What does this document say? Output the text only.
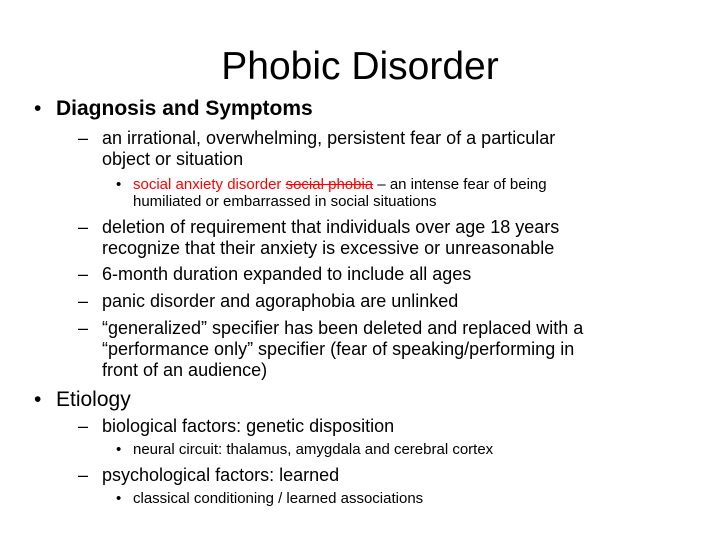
Phobic Disorder
• Diagnosis and Symptoms
– an irrational, overwhelming, persistent fear of a particular
object or situation
• social anxiety disorder social phobia – an intense fear of being
humiliated or embarrassed in social situations
– deletion of requirement that individuals over age 18 years
recognize that their anxiety is excessive or unreasonable
– 6-month duration expanded to include all ages
– panic disorder and agoraphobia are unlinked
– “generalized” specifier has been deleted and replaced with a
“performance only” specifier (fear of speaking/performing in
front of an audience)
• Etiology
– biological factors: genetic disposition
• neural circuit: thalamus, amygdala and cerebral cortex
– psychological factors: learned
• classical conditioning / learned associations
